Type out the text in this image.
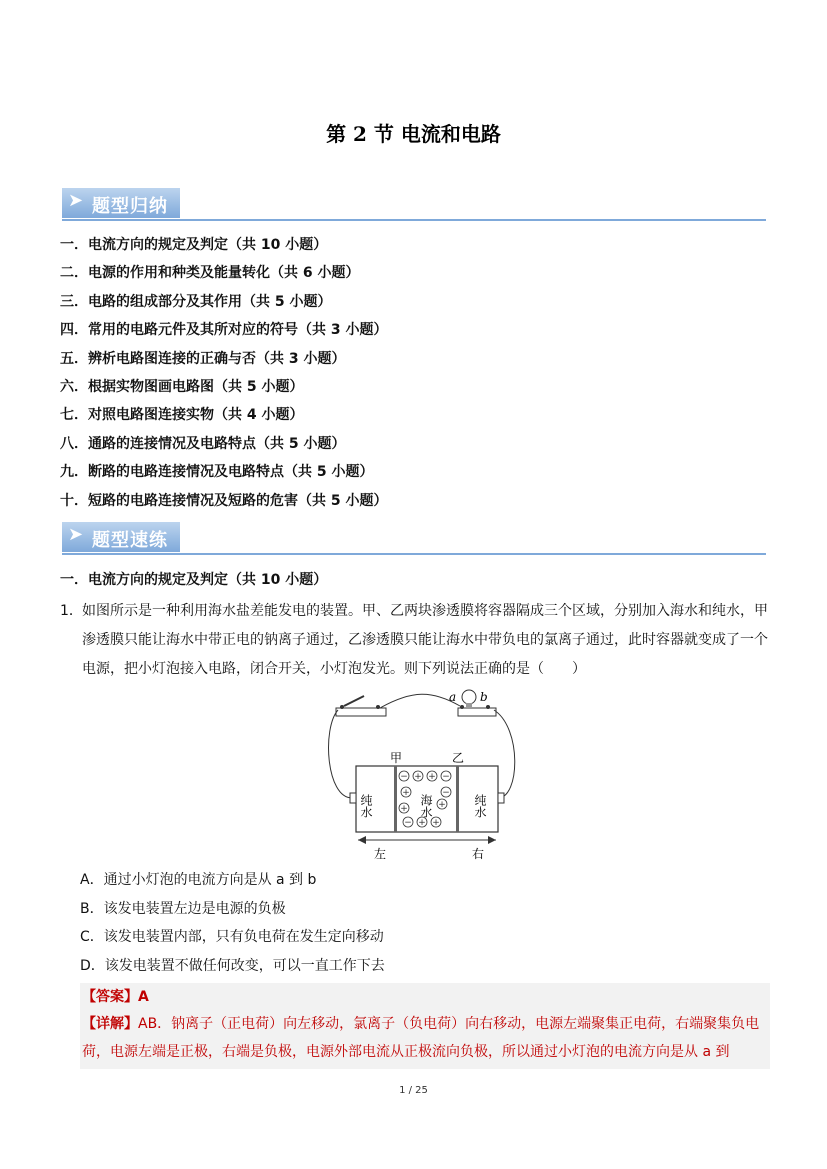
第 2 节 电流和电路
➤ 题型归纳
一．电流方向的规定及判定（共 10 小题）
二．电源的作用和种类及能量转化（共 6 小题）
三．电路的组成部分及其作用（共 5 小题）
四．常用的电路元件及其所对应的符号（共 3 小题）
五．辨析电路图连接的正确与否（共 3 小题）
六．根据实物图画电路图（共 5 小题）
七．对照电路图连接实物（共 4 小题）
八．通路的连接情况及电路特点（共 5 小题）
九．断路的电路连接情况及电路特点（共 5 小题）
十．短路的电路连接情况及短路的危害（共 5 小题）
➤ 题型速练
一．电流方向的规定及判定（共 10 小题）
1． 如图所示是一种利用海水盐差能发电的装置。甲、乙两块渗透膜将容器隔成三个区域，分别加入海水和纯水，甲渗透膜只能让海水中带正电的钠离子通过，乙渗透膜只能让海水中带负电的氯离子通过，此时容器就变成了一个电源，把小灯泡接入电路，闭合开关，小灯泡发光。则下列说法正确的是（　　）
a b
甲	乙
纯水	海水	纯水
− + + −
+	−
+	+
− + +
左	右
A．通过小灯泡的电流方向是从 a 到 b
B．该发电装置左边是电源的负极
C．该发电装置内部，只有负电荷在发生定向移动
D．该发电装置不做任何改变，可以一直工作下去
【答案】A
【详解】AB．钠离子（正电荷）向左移动，氯离子（负电荷）向右移动，电源左端聚集正电荷，右端聚集负电荷，电源左端是正极，右端是负极，电源外部电流从正极流向负极，所以通过小灯泡的电流方向是从 a 到
1 / 25
